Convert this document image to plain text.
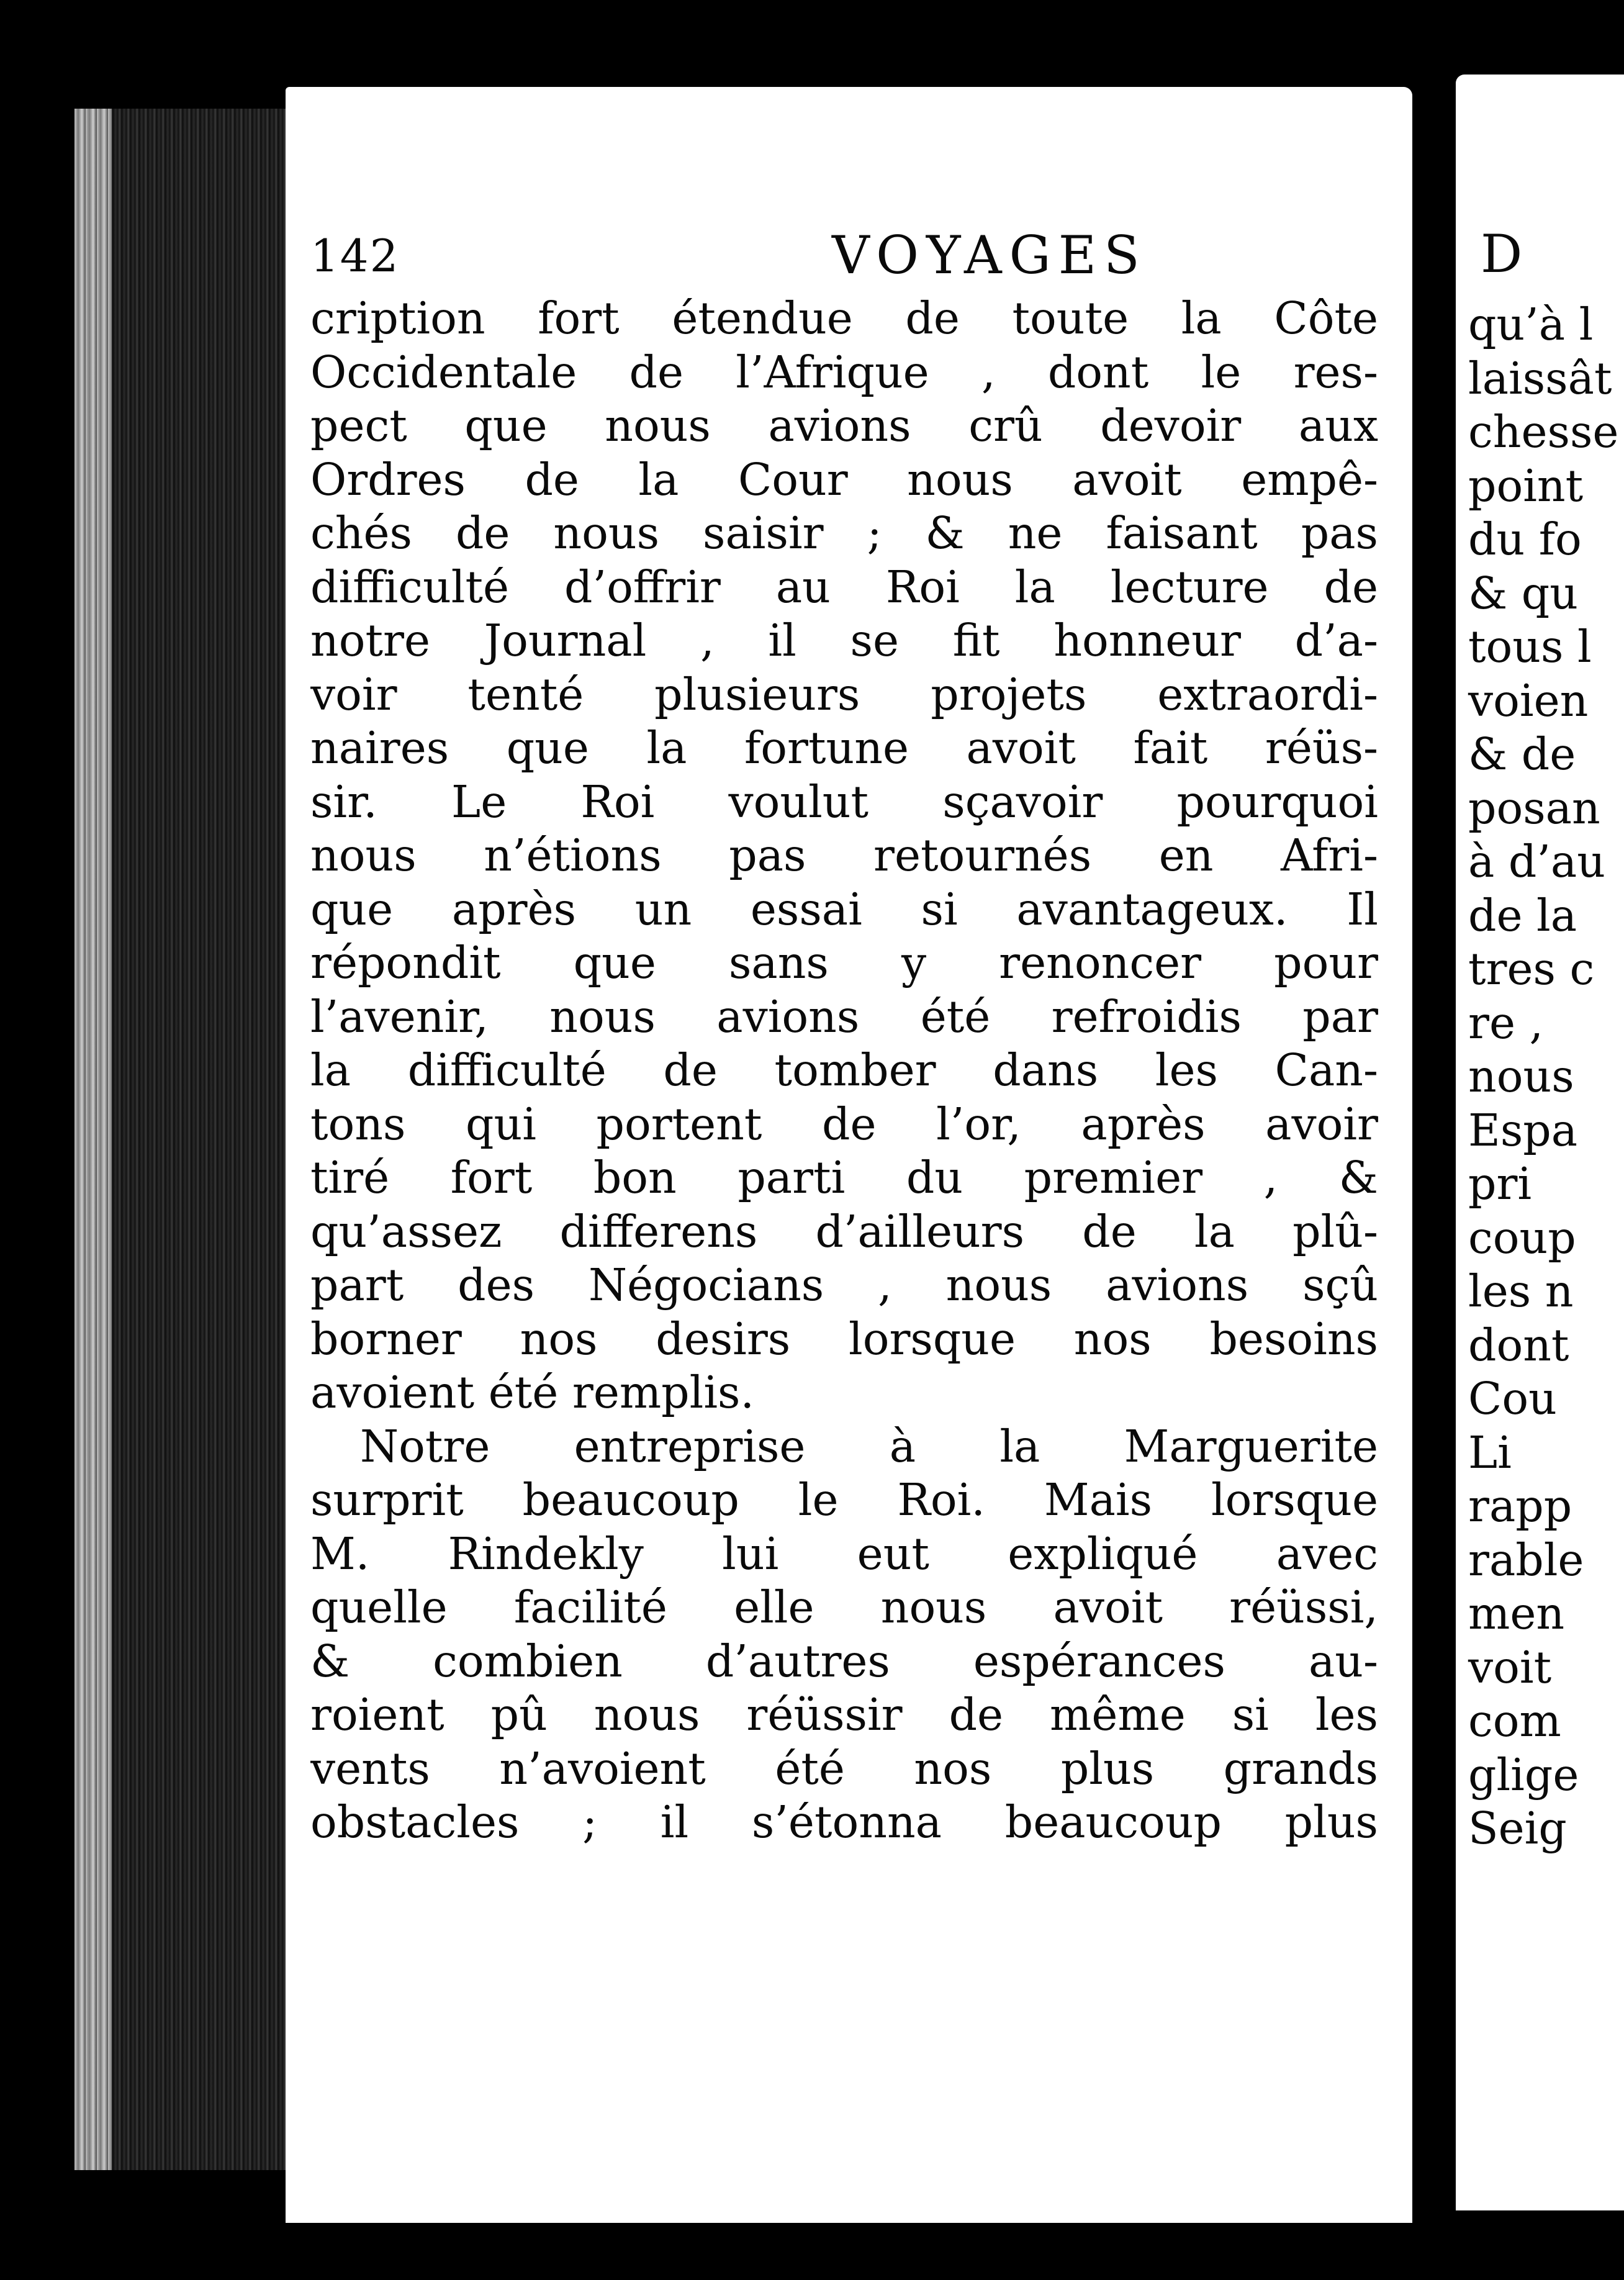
142	VOYAGES
cription fort étendue de toute la Côte
Occidentale de l’Afrique , dont le res-
pect que nous avions crû devoir aux
Ordres de la Cour nous avoit empê-
chés de nous saisir ; & ne faisant pas
difficulté d’offrir au Roi la lecture de
notre Journal , il se fit honneur d’a-
voir tenté plusieurs projets extraordi-
naires que la fortune avoit fait réüs-
sir. Le Roi voulut sçavoir pourquoi
nous n’étions pas retournés en Afri-
que après un essai si avantageux. Il
répondit que sans y renoncer pour
l’avenir, nous avions été refroidis par
la difficulté de tomber dans les Can-
tons qui portent de l’or, après avoir
tiré fort bon parti du premier , &
qu’assez differens d’ailleurs de la plû-
part des Négocians , nous avions sçû
borner nos desirs lorsque nos besoins
avoient été remplis.
Notre entreprise à la Marguerite
surprit beaucoup le Roi. Mais lorsque
M. Rindekly lui eut expliqué avec
quelle facilité elle nous avoit réüssi,
& combien d’autres espérances au-
roient pû nous réüssir de même si les
vents n’avoient été nos plus grands
obstacles ; il s’étonna beaucoup plus
D
qu’à l
laissât
chesse
point
du fo
& qu
tous l
voien
& de
posan
à d’au
de la
tres c
re ,
nous
Espa
pri
coup
les n
dont
Cou
Li
rapp
rable
men
voit
com
glige
Seig
